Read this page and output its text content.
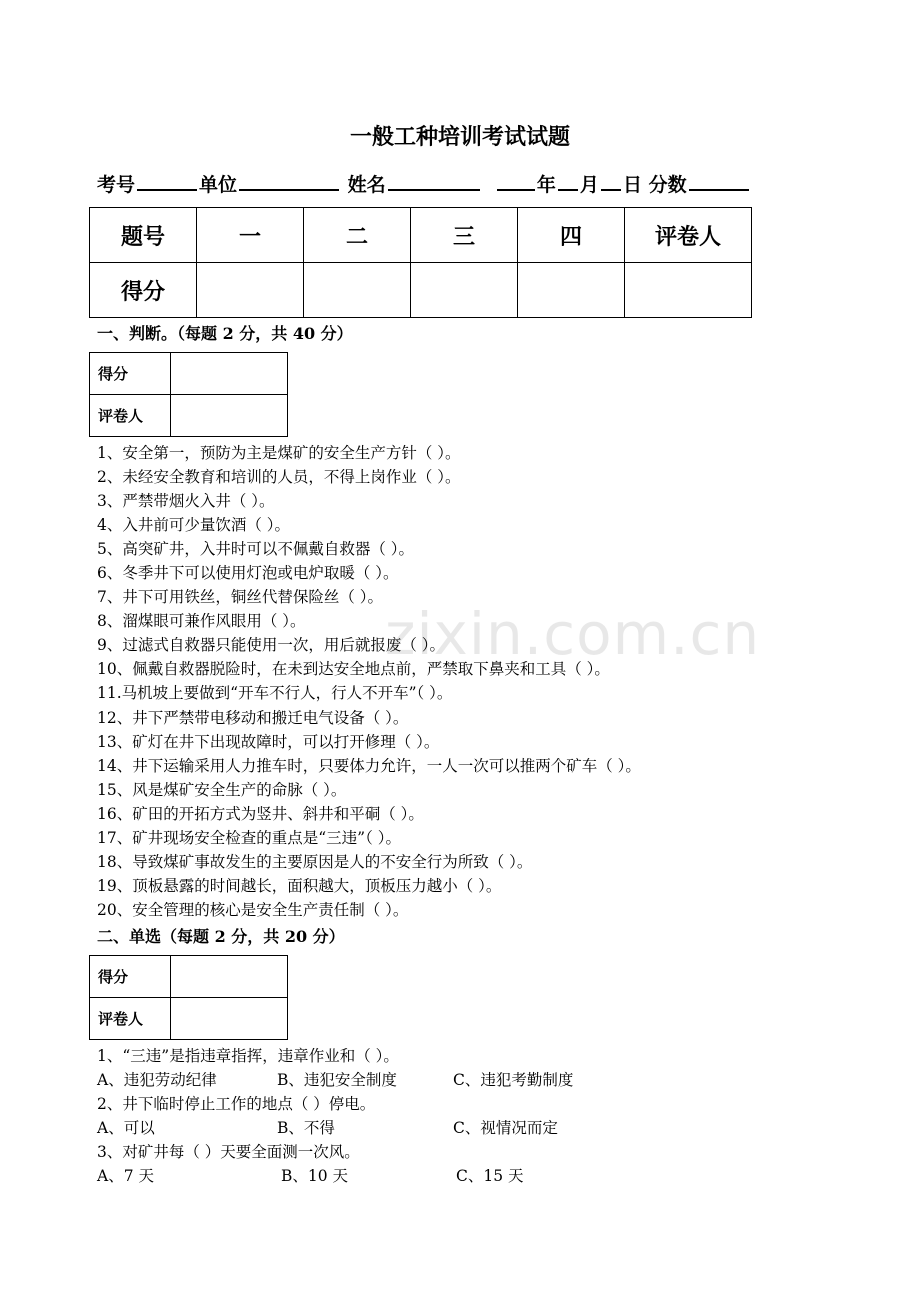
一般工种培训考试试题
考号	单位	姓名	年 月 日 分数
题号	一	二	三	四	评卷人
得分					
一、判断。（每题 2 分，共 40 分）
得分	
评卷人	
1、安全第一，预防为主是煤矿的安全生产方针（ ）。
2、未经安全教育和培训的人员，不得上岗作业（ ）。
3、严禁带烟火入井（ ）。
4、入井前可少量饮酒（ ）。
5、高突矿井，入井时可以不佩戴自救器（ ）。
6、冬季井下可以使用灯泡或电炉取暖（ ）。
7、井下可用铁丝，铜丝代替保险丝（ ）。
8、溜煤眼可兼作风眼用（ ）。
9、过滤式自救器只能使用一次，用后就报废（ ）。
10、佩戴自救器脱险时，在未到达安全地点前，严禁取下鼻夹和工具（ ）。
11.马机坡上要做到“开车不行人，行人不开车”（ ）。
12、井下严禁带电移动和搬迁电气设备（ ）。
13、矿灯在井下出现故障时，可以打开修理（ ）。
14、井下运输采用人力推车时，只要体力允许，一人一次可以推两个矿车（ ）。
15、风是煤矿安全生产的命脉（ ）。
16、矿田的开拓方式为竖井、斜井和平硐（ ）。
17、矿井现场安全检查的重点是“三违”（ ）。
18、导致煤矿事故发生的主要原因是人的不安全行为所致（ ）。
19、顶板悬露的时间越长，面积越大，顶板压力越小（ ）。
20、安全管理的核心是安全生产责任制（ ）。
二、单选（每题 2 分，共 20 分）
得分	
评卷人	
1、“三违”是指违章指挥，违章作业和（ ）。
A、违犯劳动纪律	B、违犯安全制度	C、违犯考勤制度
2、井下临时停止工作的地点（ ）停电。
A、可以	B、不得	C、视情况而定
3、对矿井每（ ）天要全面测一次风。
A、7 天	B、10 天	C、15 天
zixin.com.cn
